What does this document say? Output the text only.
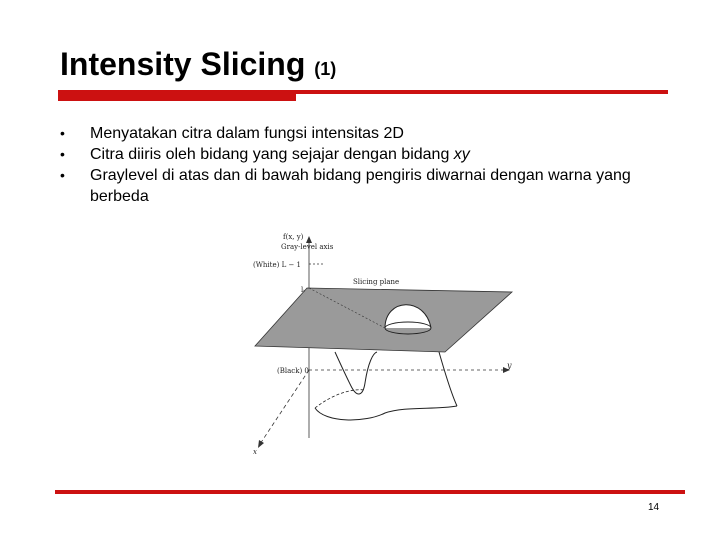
Intensity Slicing (1)
• Menyatakan citra dalam fungsi intensitas 2D
• Citra diiris oleh bidang yang sejajar dengan bidang xy
• Graylevel di atas dan di bawah bidang pengiris diwarnai dengan warna yang berbeda
f(x, y)
Gray-level axis
(White) L − 1
Slicing plane
lᵢ
(Black) 0
y
x
14
